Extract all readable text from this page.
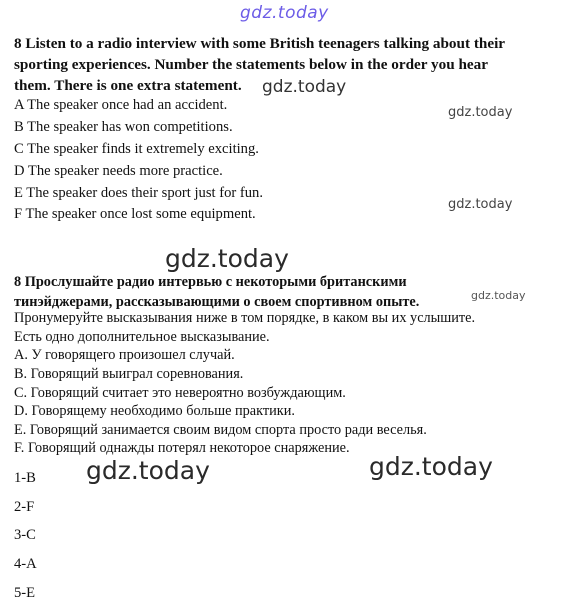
gdz.today
8 Listen to a radio interview with some British teenagers talking about their
sporting experiences. Number the statements below in the order you hear
them. There is one extra statement.	gdz.today
A The speaker once had an accident.
B The speaker has won competitions.
C The speaker finds it extremely exciting.
D The speaker needs more practice.
E The speaker does their sport just for fun.
F The speaker once lost some equipment.
gdz.today
gdz.today
gdz.today
8 Прослушайте радио интервью с некоторыми британскими
тинэйджерами, рассказывающими о своем спортивном опыте.	gdz.today
Пронумеруйте высказывания ниже в том порядке, в каком вы их услышите.
Есть одно дополнительное высказывание.
A. У говорящего произошел случай.
B. Говорящий выиграл соревнования.
C. Говорящий считает это невероятно возбуждающим.
D. Говорящему необходимо больше практики.
E. Говорящий занимается своим видом спорта просто ради веселья.
F. Говорящий однажды потерял некоторое снаряжение.
gdz.today	gdz.today
1-B
2-F
3-C
4-A
5-E
